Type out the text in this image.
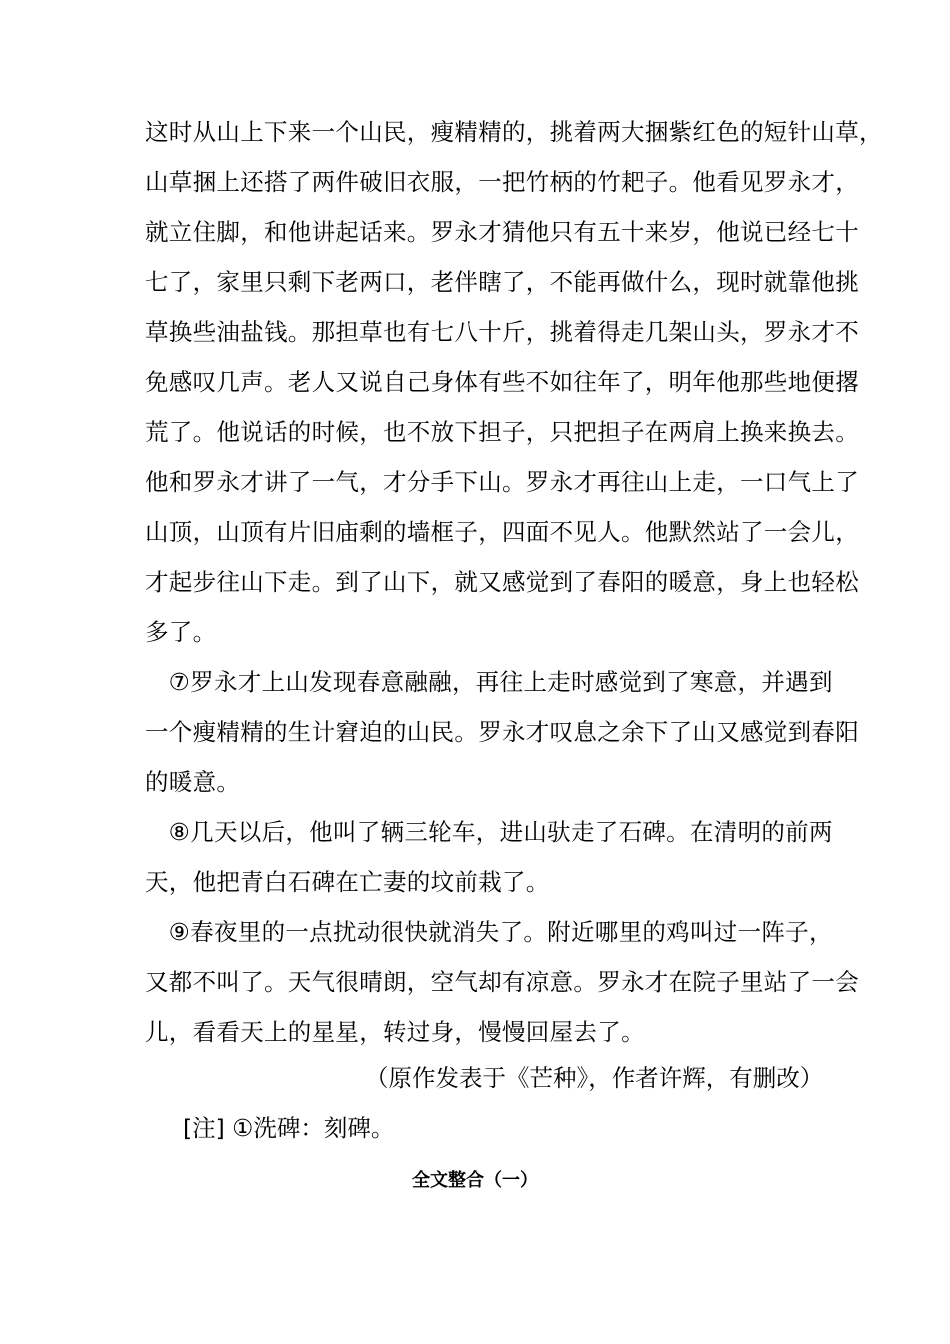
这时从山上下来一个山民，瘦精精的，挑着两大捆紫红色的短针山草，
山草捆上还搭了两件破旧衣服，一把竹柄的竹耙子。他看见罗永才，
就立住脚，和他讲起话来。罗永才猜他只有五十来岁，他说已经七十
七了，家里只剩下老两口，老伴瞎了，不能再做什么，现时就靠他挑
草换些油盐钱。那担草也有七八十斤，挑着得走几架山头，罗永才不
免感叹几声。老人又说自己身体有些不如往年了，明年他那些地便撂
荒了。他说话的时候，也不放下担子，只把担子在两肩上换来换去。
他和罗永才讲了一气，才分手下山。罗永才再往山上走，一口气上了
山顶，山顶有片旧庙剩的墙框子，四面不见人。他默然站了一会儿，
才起步往山下走。到了山下，就又感觉到了春阳的暖意，身上也轻松
多了。
　⑦罗永才上山发现春意融融，再往上走时感觉到了寒意，并遇到
一个瘦精精的生计窘迫的山民。罗永才叹息之余下了山又感觉到春阳
的暖意。
　⑧几天以后，他叫了辆三轮车，进山驮走了石碑。在清明的前两
天，他把青白石碑在亡妻的坟前栽了。
　⑨春夜里的一点扰动很快就消失了。附近哪里的鸡叫过一阵子，
又都不叫了。天气很晴朗，空气却有凉意。罗永才在院子里站了一会
儿，看看天上的星星，转过身，慢慢回屋去了。
（原作发表于《芒种》，作者许辉，有删改）
[注] ①洗碑：刻碑。
全文整合（一）
